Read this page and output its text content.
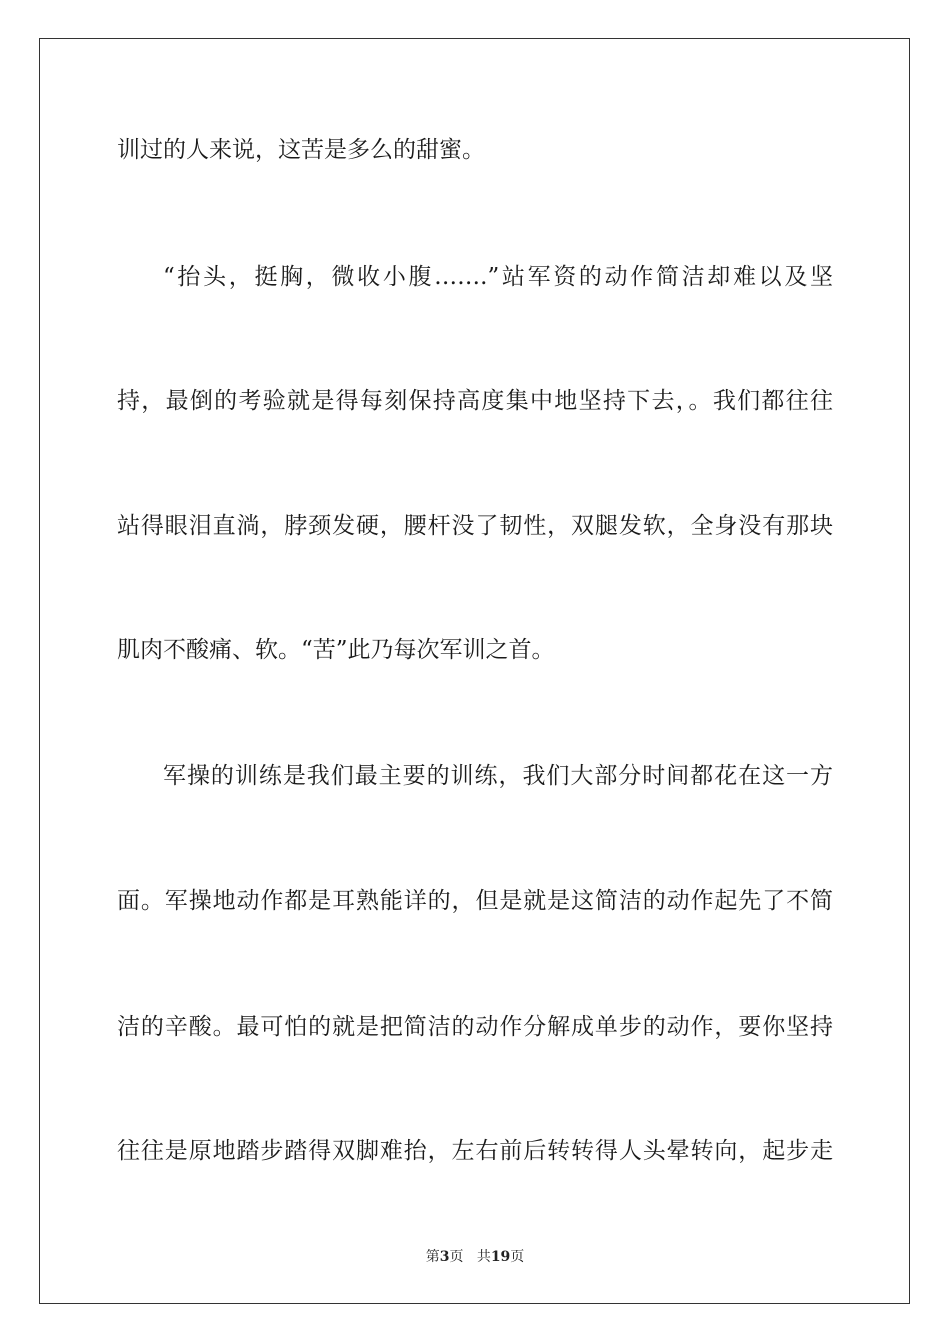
训过的人来说，这苦是多么的甜蜜。
“抬头，挺胸，微收小腹…….”站军资的动作简洁却难以及坚
持，最倒的考验就是得每刻保持高度集中地坚持下去，。我们都往往
站得眼泪直淌，脖颈发硬，腰杆没了韧性，双腿发软，全身没有那块
肌肉不酸痛、软。“苦”此乃每次军训之首。
军操的训练是我们最主要的训练，我们大部分时间都花在这一方
面。军操地动作都是耳熟能详的，但是就是这简洁的动作起先了不简
洁的辛酸。最可怕的就是把简洁的动作分解成单步的动作，要你坚持
往往是原地踏步踏得双脚难抬，左右前后转转得人头晕转向，起步走
第3页 共19页
